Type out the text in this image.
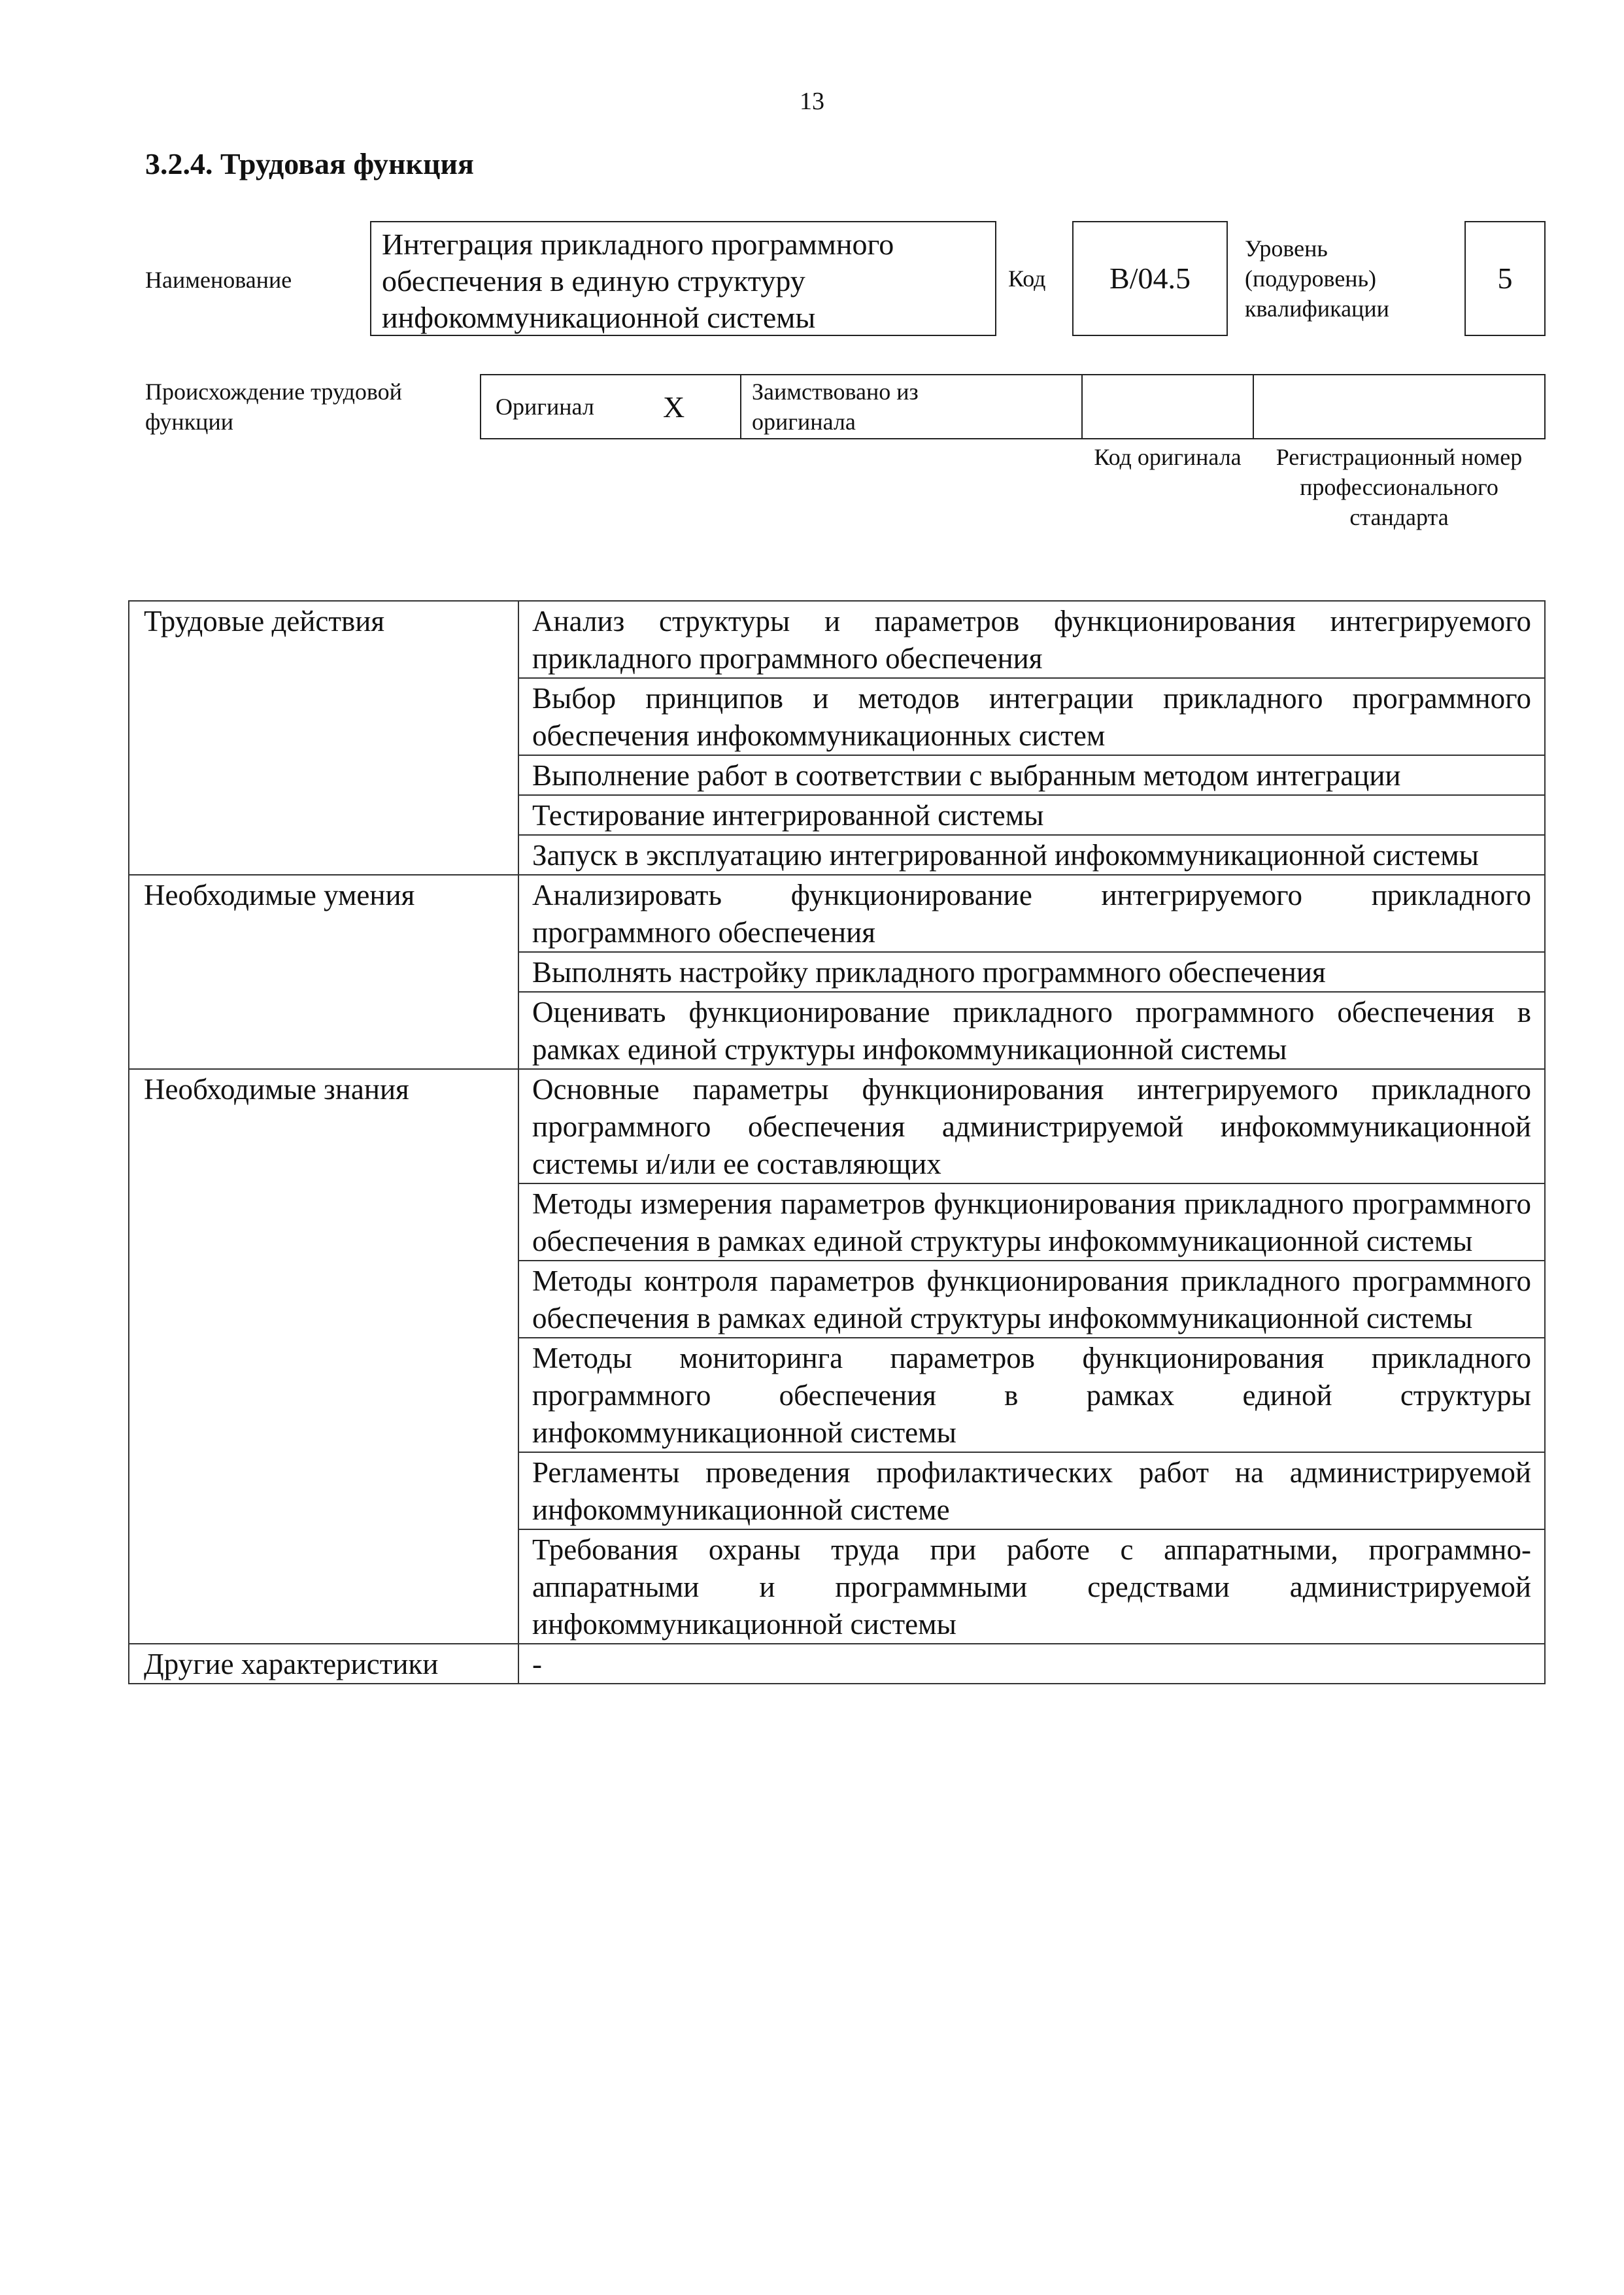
13
3.2.4. Трудовая функция
Наименование
Интеграция прикладного программного обеспечения в единую структуру инфокоммуникационной системы
Код	B/04.5
Уровень (подуровень) квалификации
5
Происхождение трудовой функции
Оригинал X	Заимствовано из оригинала
Код оригинала	Регистрационный номер профессионального стандарта
Трудовые действия	Анализ структуры и параметров функционирования интегрируемого прикладного программного обеспечения
	Выбор принципов и методов интеграции прикладного программного обеспечения инфокоммуникационных систем
	Выполнение работ в соответствии с выбранным методом интеграции
	Тестирование интегрированной системы
	Запуск в эксплуатацию интегрированной инфокоммуникационной системы
Необходимые умения	Анализировать функционирование интегрируемого прикладного программного обеспечения
	Выполнять настройку прикладного программного обеспечения
	Оценивать функционирование прикладного программного обеспечения в рамках единой структуры инфокоммуникационной системы
Необходимые знания	Основные параметры функционирования интегрируемого прикладного программного обеспечения администрируемой инфокоммуникационной системы и/или ее составляющих
	Методы измерения параметров функционирования прикладного программного обеспечения в рамках единой структуры инфокоммуникационной системы
	Методы контроля параметров функционирования прикладного программного обеспечения в рамках единой структуры инфокоммуникационной системы
	Методы мониторинга параметров функционирования прикладного программного обеспечения в рамках единой структуры инфокоммуникационной системы
	Регламенты проведения профилактических работ на администрируемой инфокоммуникационной системе
	Требования охраны труда при работе с аппаратными, программно-аппаратными и программными средствами администрируемой инфокоммуникационной системы
Другие характеристики	-
